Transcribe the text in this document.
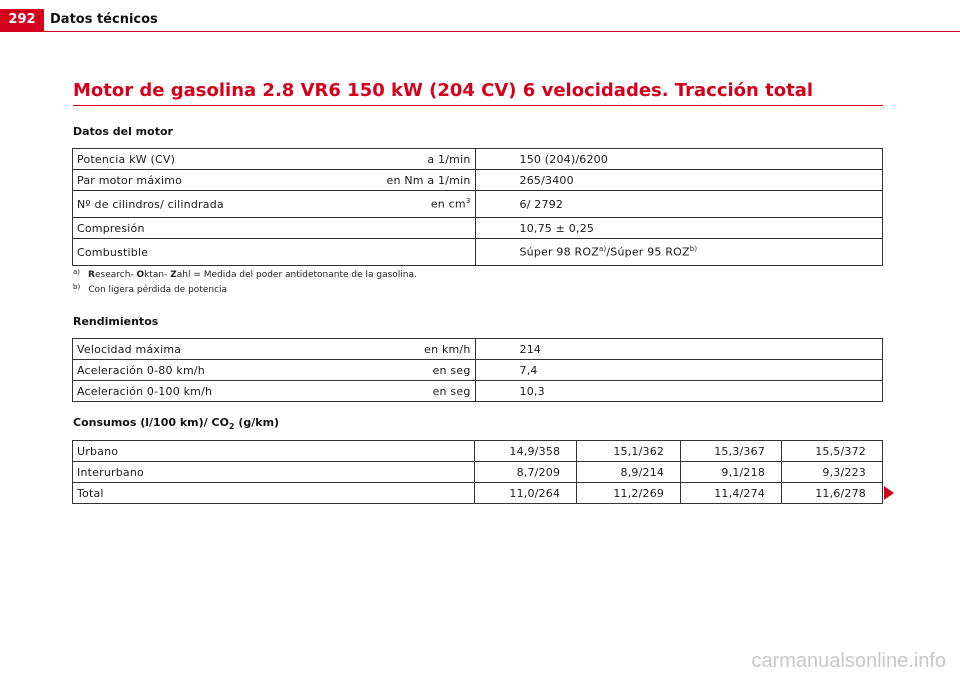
292	Datos técnicos
Motor de gasolina 2.8 VR6 150 kW (204 CV) 6 velocidades. Tracción total
Datos del motor
Potencia kW (CV)	a 1/min	150 (204)/6200
Par motor máximo	en Nm a 1/min	265/3400
Nº de cilindros/ cilindrada	en $cm^3$	6/ 2792
Compresión		10,75 ± 0,25
Combustible		Súper 98 ROZ$^{a)}$/Súper 95 ROZ$^{b)}$
$^{a)}$ Research- Oktan- Zahl = Medida del poder antidetonante de la gasolina.
$^{b)}$ Con ligera pérdida de potencia
Rendimientos
Velocidad máxima	en km/h	214
Aceleración 0-80 km/h	en seg	7,4
Aceleración 0-100 km/h	en seg	10,3
Consumos (l/100 km)/ $CO_2$ (g/km)
Urbano	14,9/358	15,1/362	15,3/367	15,5/372
Interurbano	8,7/209	8,9/214	9,1/218	9,3/223
Total	11,0/264	11,2/269	11,4/274	11,6/278
carmanualsonline.info
